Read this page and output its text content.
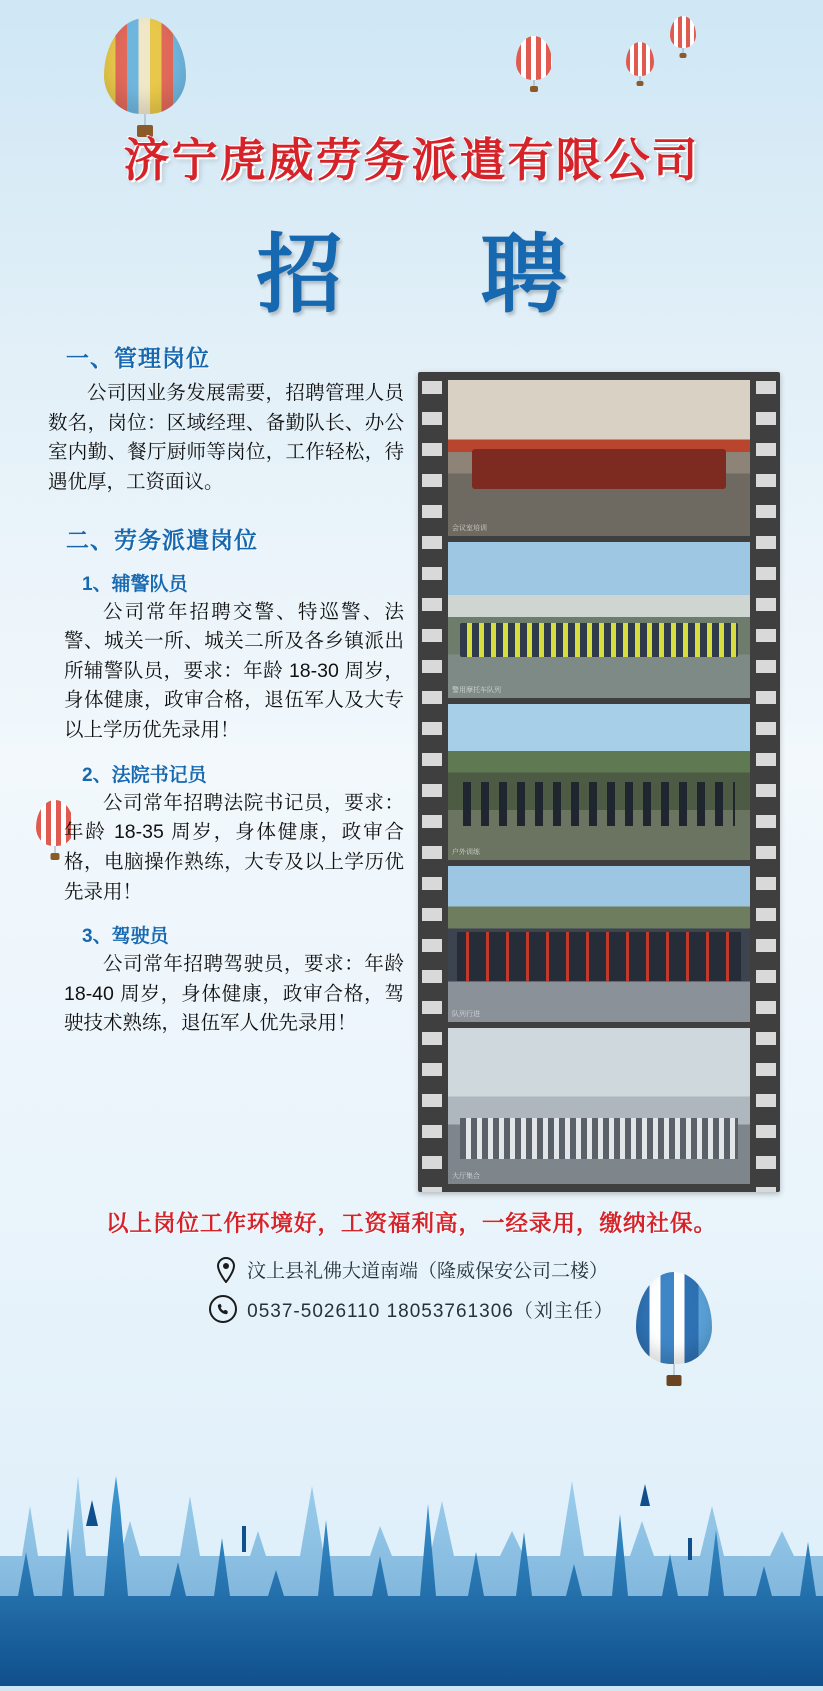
济宁虎威劳务派遣有限公司
招 聘
一、管理岗位

公司因业务发展需要，招聘管理人员数名，岗位：区域经理、备勤队长、办公室内勤、餐厅厨师等岗位，工作轻松，待遇优厚，工资面议。

二、劳务派遣岗位
1、辅警队员

公司常年招聘交警、特巡警、法警、城关一所、城关二所及各乡镇派出所辅警队员，要求：年龄 18-30 周岁，身体健康，政审合格，退伍军人及大专以上学历优先录用！

2、法院书记员

公司常年招聘法院书记员，要求：年龄 18-35 周岁，身体健康，政审合格，电脑操作熟练，大专及以上学历优先录用！

3、驾驶员

公司常年招聘驾驶员，要求：年龄 18-40 周岁，身体健康，政审合格，驾驶技术熟练，退伍军人优先录用！

会议室培训
警用摩托车队列
户外训练
队列行进
大厅集合
以上岗位工作环境好，工资福利高，一经录用，缴纳社保。
汶上县礼佛大道南端（隆威保安公司二楼）
0537-5026110 18053761306（刘主任）
